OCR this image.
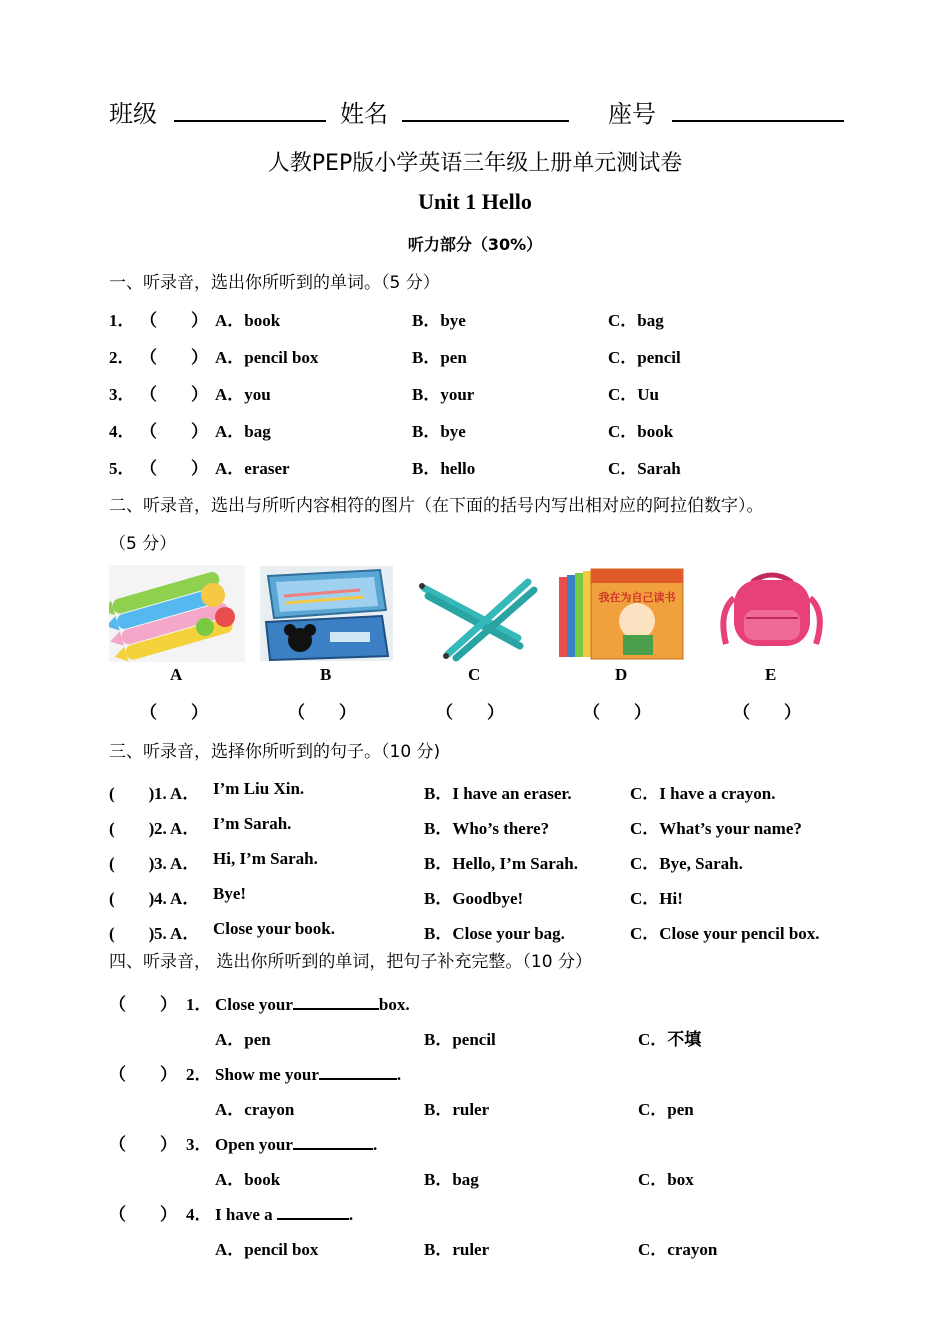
班级	姓名	座号
人教PEP版小学英语三年级上册单元测试卷
Unit 1 Hello
听力部分（30%）
一、听录音，选出你所听到的单词。（5 分）
1． （　　） A．book	B．bye	C．bag
2． （　　） A．pencil box	B．pen	C．pencil
3． （　　） A．you	B．your	C．Uu
4． （　　） A．bag	B．bye	C．book
5． （　　） A．eraser	B．hello	C．Sarah
二、听录音，选出与所听内容相符的图片（在下面的括号内写出相对应的阿拉伯数字）。
（5 分）
我在为自己读书
A
（　　）
B
（　　）
C
（　　）
D
（　　）
E
（　　）
三、听录音，选择你所听到的句子。（10 分)
(　　) 1. A． I’m Liu Xin.	B．I have an eraser.	C．I have a crayon.
(　　) 2. A． I’m Sarah.	B．Who’s there?	C．What’s your name?
(　　) 3. A． Hi, I’m Sarah.	B．Hello, I’m Sarah.	C．Bye, Sarah.
(　　) 4. A． Bye!	B．Goodbye!	C．Hi!
(　　) 5. A． Close your book.	B．Close your bag.	C．Close your pencil box.
四、听录音， 选出你所听到的单词，把句子补充完整。（10 分）
（　　） 1． Close your	box.
A．pen	B．pencil	C．不填
（　　） 2． Show me your	.
A．crayon	B．ruler	C．pen
（　　） 3． Open your	.
A．book	B．bag	C．box
（　　） 4． I have a	.
A．pencil box	B．ruler	C．crayon
